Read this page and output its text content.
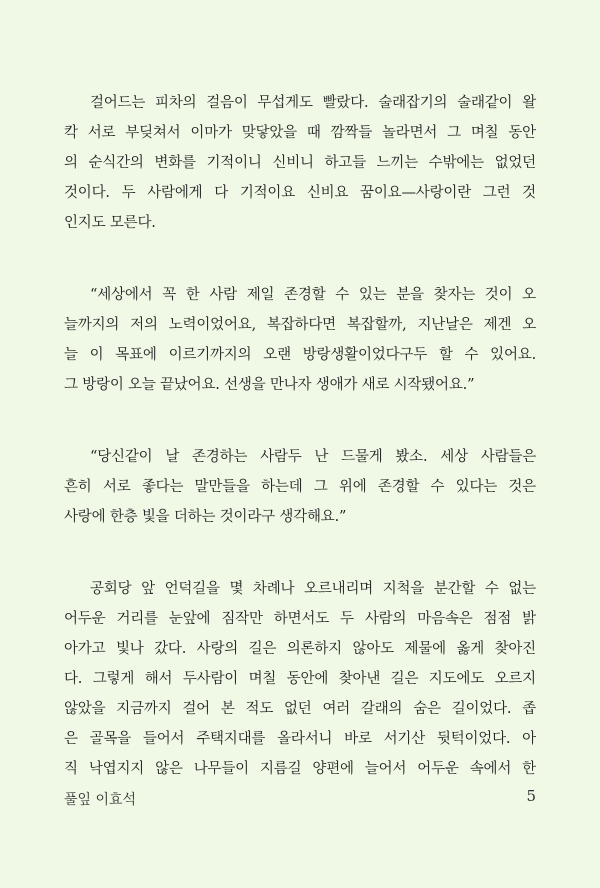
걸어드는 피차의 걸음이 무섭게도 빨랐다. 술래잡기의 술래같이 왈
칵 서로 부딪쳐서 이마가 맞닿았을 때 깜짝들 놀라면서 그 며칠 동안
의 순식간의 변화를 기적이니 신비니 하고들 느끼는 수밖에는 없었던
것이다. 두 사람에게 다 기적이요 신비요 꿈이요—사랑이란 그런 것
인지도 모른다.
“세상에서 꼭 한 사람 제일 존경할 수 있는 분을 찾자는 것이 오
늘까지의 저의 노력이었어요, 복잡하다면 복잡할까, 지난날은 제겐 오
늘 이 목표에 이르기까지의 오랜 방랑생활이었다구두 할 수 있어요.
그 방랑이 오늘 끝났어요. 선생을 만나자 생애가 새로 시작됐어요.”
“당신같이 날 존경하는 사람두 난 드물게 봤소. 세상 사람들은
흔히 서로 좋다는 말만들을 하는데 그 위에 존경할 수 있다는 것은
사랑에 한층 빛을 더하는 것이라구 생각해요.”
공회당 앞 언덕길을 몇 차례나 오르내리며 지척을 분간할 수 없는
어두운 거리를 눈앞에 짐작만 하면서도 두 사람의 마음속은 점점 밝
아가고 빛나 갔다. 사랑의 길은 의론하지 않아도 제물에 옳게 찾아진
다. 그렇게 해서 두사람이 며칠 동안에 찾아낸 길은 지도에도 오르지
않았을 지금까지 걸어 본 적도 없던 여러 갈래의 숨은 길이었다. 좁
은 골목을 들어서 주택지대를 올라서니 바로 서기산 뒷턱이었다. 아
직 낙엽지지 않은 나무들이 지름길 양편에 늘어서 어두운 속에서 한
풀잎 이효석	5
